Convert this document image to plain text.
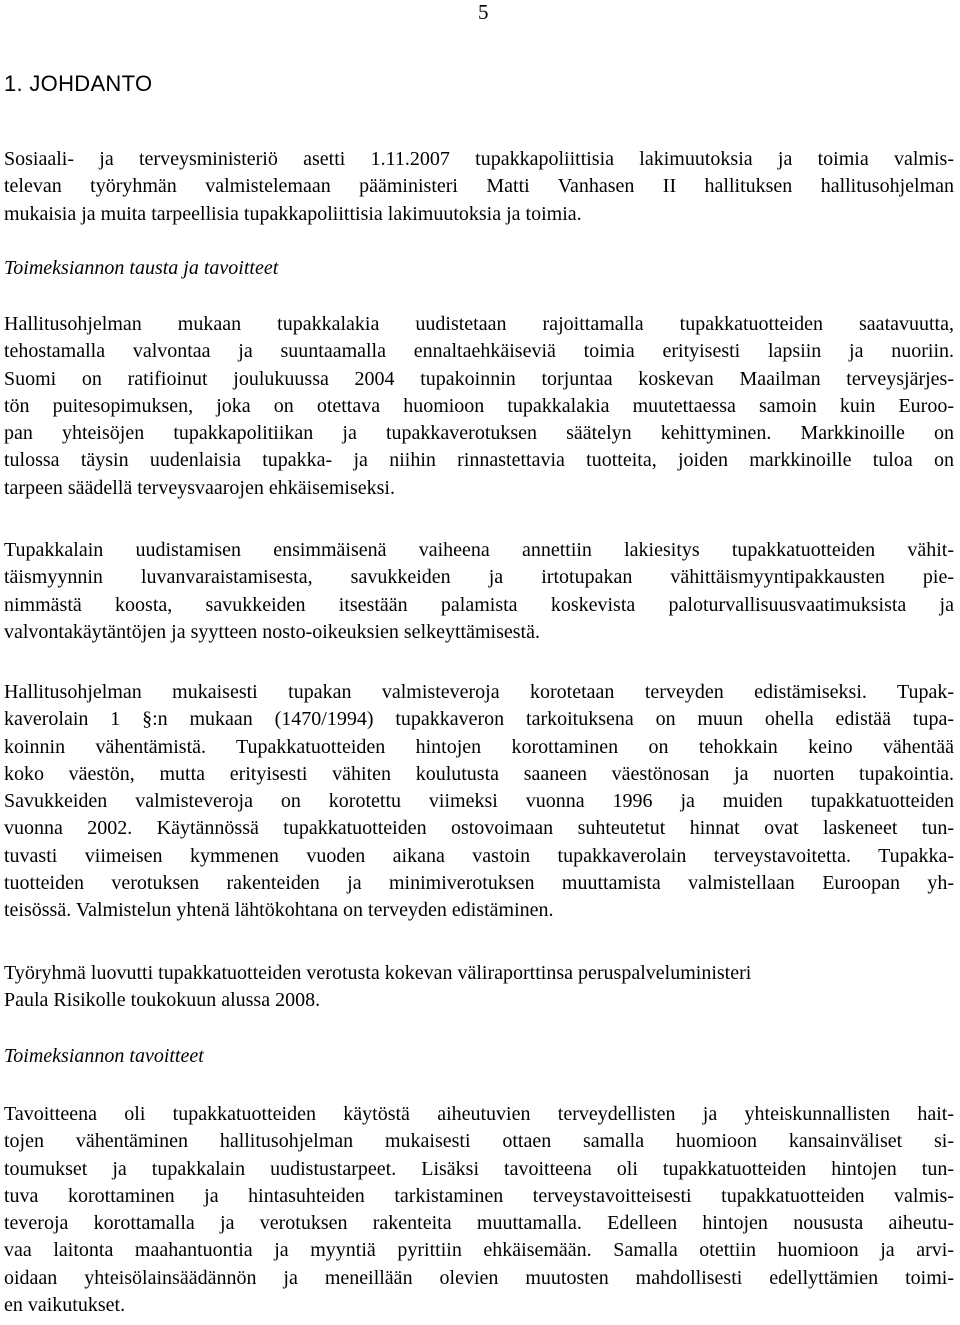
5
1. JOHDANTO
Sosiaali- ja terveysministeriö asetti 1.11.2007 tupakkapoliittisia lakimuutoksia ja toimia valmis-
televan työryhmän valmistelemaan pääministeri Matti Vanhasen II hallituksen hallitusohjelman
mukaisia ja muita tarpeellisia tupakkapoliittisia lakimuutoksia ja toimia.
Toimeksiannon tausta ja tavoitteet
Hallitusohjelman mukaan tupakkalakia uudistetaan rajoittamalla tupakkatuotteiden saatavuutta,
tehostamalla valvontaa ja suuntaamalla ennaltaehkäiseviä toimia erityisesti lapsiin ja nuoriin.
Suomi on ratifioinut joulukuussa 2004 tupakoinnin torjuntaa koskevan Maailman terveysjärjes-
tön puitesopimuksen, joka on otettava huomioon tupakkalakia muutettaessa samoin kuin Euroo-
pan yhteisöjen tupakkapolitiikan ja tupakkaverotuksen säätelyn kehittyminen. Markkinoille on
tulossa täysin uudenlaisia tupakka- ja niihin rinnastettavia tuotteita, joiden markkinoille tuloa on
tarpeen säädellä terveysvaarojen ehkäisemiseksi.
Tupakkalain uudistamisen ensimmäisenä vaiheena annettiin lakiesitys tupakkatuotteiden vähit-
täismyynnin luvanvaraistamisesta, savukkeiden ja irtotupakan vähittäismyyntipakkausten pie-
nimmästä koosta, savukkeiden itsestään palamista koskevista paloturvallisuusvaatimuksista ja
valvontakäytäntöjen ja syytteen nosto-oikeuksien selkeyttämisestä.
Hallitusohjelman mukaisesti tupakan valmisteveroja korotetaan terveyden edistämiseksi. Tupak-
kaverolain 1 §:n mukaan (1470/1994) tupakkaveron tarkoituksena on muun ohella edistää tupa-
koinnin vähentämistä. Tupakkatuotteiden hintojen korottaminen on tehokkain keino vähentää
koko väestön, mutta erityisesti vähiten koulutusta saaneen väestönosan ja nuorten tupakointia.
Savukkeiden valmisteveroja on korotettu viimeksi vuonna 1996 ja muiden tupakkatuotteiden
vuonna 2002. Käytännössä tupakkatuotteiden ostovoimaan suhteutetut hinnat ovat laskeneet tun-
tuvasti viimeisen kymmenen vuoden aikana vastoin tupakkaverolain terveystavoitetta. Tupakka-
tuotteiden verotuksen rakenteiden ja minimiverotuksen muuttamista valmistellaan Euroopan yh-
teisössä. Valmistelun yhtenä lähtökohtana on terveyden edistäminen.
Työryhmä luovutti tupakkatuotteiden verotusta kokevan väliraporttinsa peruspalveluministeri
Paula Risikolle toukokuun alussa 2008.
Toimeksiannon tavoitteet
Tavoitteena oli tupakkatuotteiden käytöstä aiheutuvien terveydellisten ja yhteiskunnallisten hait-
tojen vähentäminen hallitusohjelman mukaisesti ottaen samalla huomioon kansainväliset si-
toumukset ja tupakkalain uudistustarpeet. Lisäksi tavoitteena oli tupakkatuotteiden hintojen tun-
tuva korottaminen ja hintasuhteiden tarkistaminen terveystavoitteisesti tupakkatuotteiden valmis-
teveroja korottamalla ja verotuksen rakenteita muuttamalla. Edelleen hintojen noususta aiheutu-
vaa laitonta maahantuontia ja myyntiä pyrittiin ehkäisemään. Samalla otettiin huomioon ja arvi-
oidaan yhteisölainsäädännön ja meneillään olevien muutosten mahdollisesti edellyttämien toimi-
en vaikutukset.
